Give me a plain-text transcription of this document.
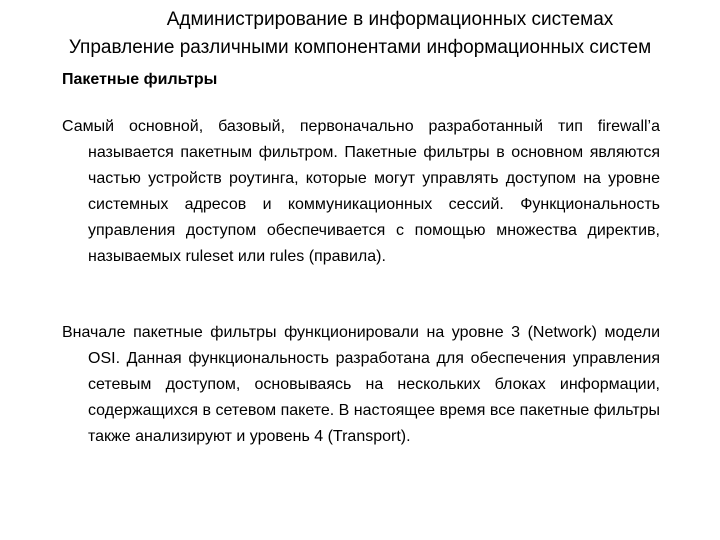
Администрирование в информационных системах
Управление различными компонентами информационных систем
Пакетные фильтры
Самый основной, базовый, первоначально разработанный тип firewall’a называется пакетным фильтром. Пакетные фильтры в основном являются частью устройств роутинга, которые могут управлять доступом на уровне системных адресов и коммуникационных сессий. Функциональность управления доступом обеспечивается с помощью множества директив, называемых ruleset или rules (правила).
Вначале пакетные фильтры функционировали на уровне 3 (Network) модели OSI. Данная функциональность разработана для обеспечения управления сетевым доступом, основываясь на нескольких блоках информации, содержащихся в сетевом пакете. В настоящее время все пакетные фильтры также анализируют и уровень 4 (Transport).
